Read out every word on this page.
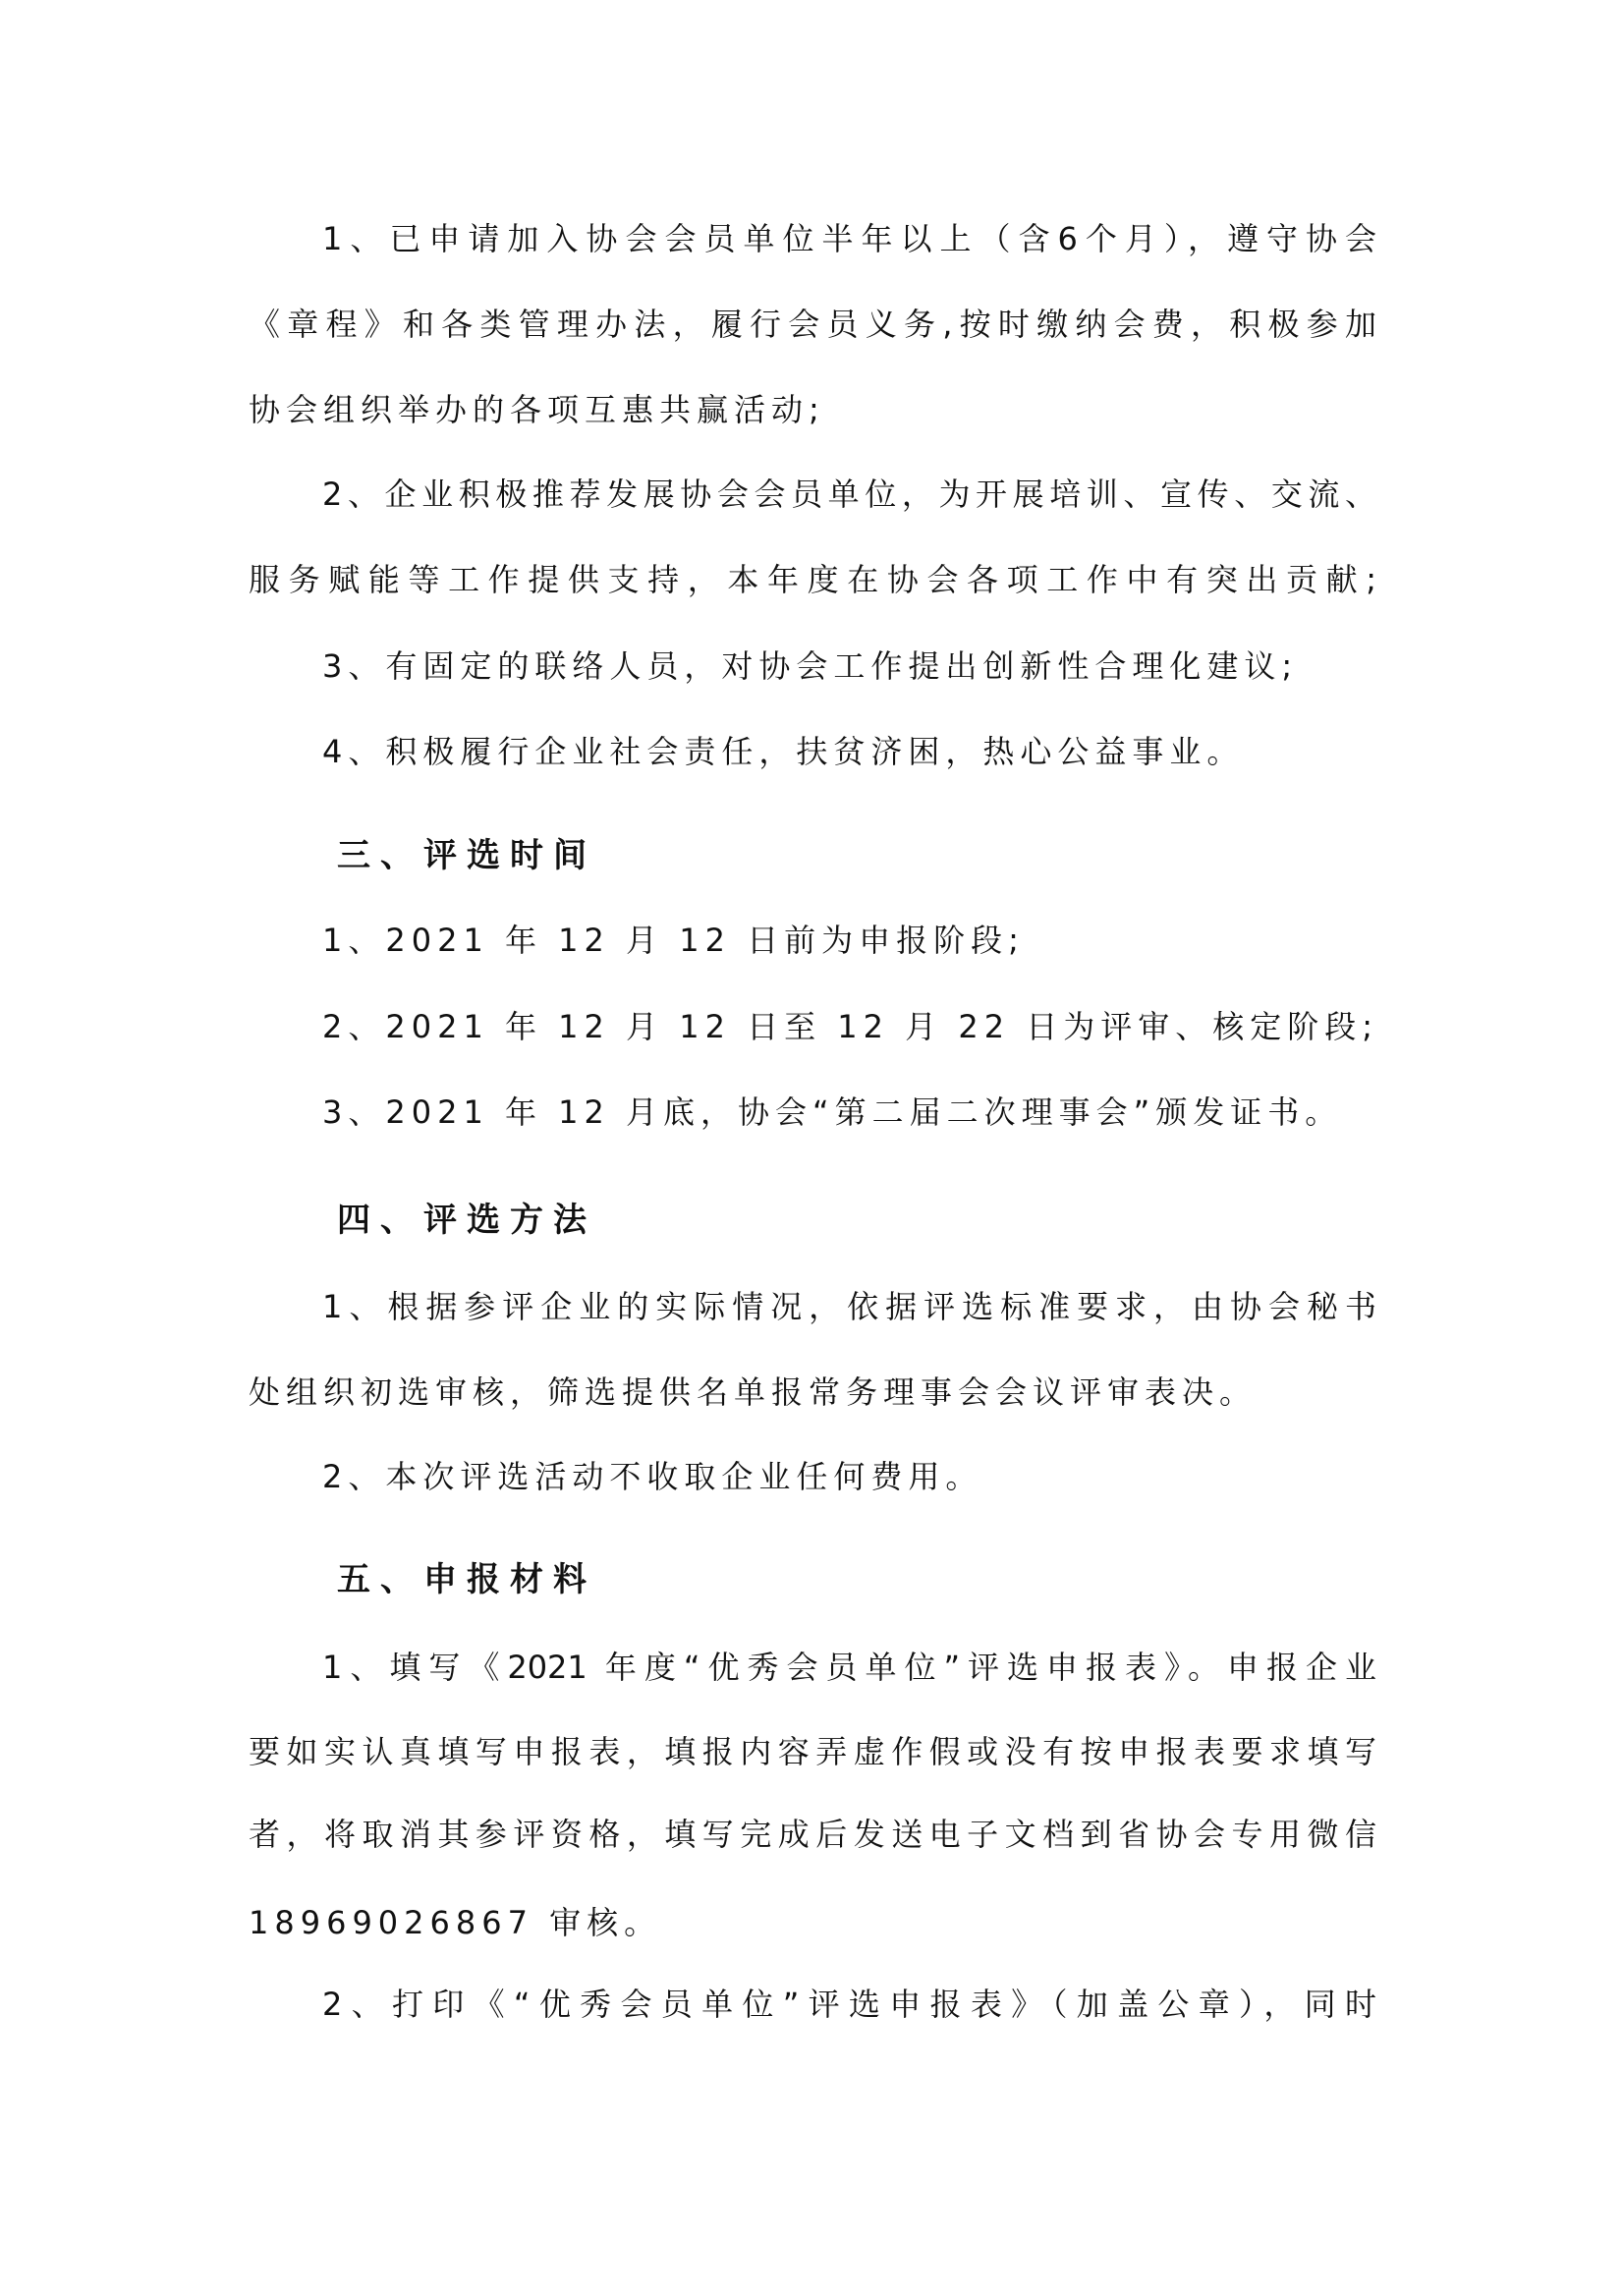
1、已申请加入协会会员单位半年以上（含6个月），遵守协会
《章程》和各类管理办法，履行会员义务,按时缴纳会费，积极参加
协会组织举办的各项互惠共赢活动;
2、企业积极推荐发展协会会员单位，为开展培训、宣传、交流、
服务赋能等工作提供支持，本年度在协会各项工作中有突出贡献;
3、有固定的联络人员，对协会工作提出创新性合理化建议;
4、积极履行企业社会责任，扶贫济困，热心公益事业。
三、评选时间
1、2021 年 12 月 12 日前为申报阶段;
2、2021 年 12 月 12 日至 12 月 22 日为评审、核定阶段;
3、2021 年 12 月底，协会“第二届二次理事会”颁发证书。
四、评选方法
1、根据参评企业的实际情况，依据评选标准要求，由协会秘书
处组织初选审核，筛选提供名单报常务理事会会议评审表决。
2、本次评选活动不收取企业任何费用。
五、申报材料
1、填写《2021 年度“优秀会员单位”评选申报表》。申报企业
要如实认真填写申报表，填报内容弄虚作假或没有按申报表要求填写
者，将取消其参评资格，填写完成后发送电子文档到省协会专用微信
18969026867 审核。
2、打印《“优秀会员单位”评选申报表》（加盖公章），同时
